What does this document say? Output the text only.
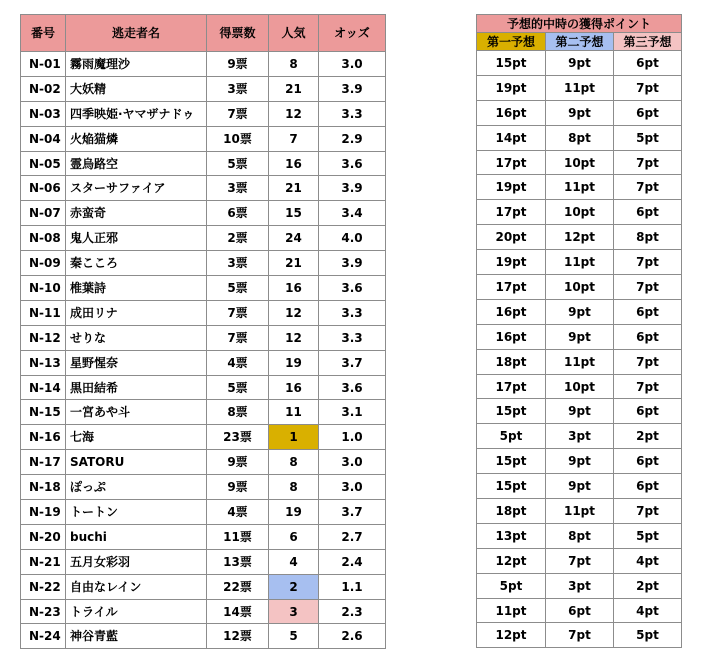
番号	逃走者名	得票数	人気	オッズ
N-01	霧雨魔理沙	9票	8	3.0
N-02	大妖精	3票	21	3.9
N-03	四季映姫·ヤマザナドゥ	7票	12	3.3
N-04	火焔猫燐	10票	7	2.9
N-05	霊烏路空	5票	16	3.6
N-06	スターサファイア	3票	21	3.9
N-07	赤蛮奇	6票	15	3.4
N-08	鬼人正邪	2票	24	4.0
N-09	秦こころ	3票	21	3.9
N-10	椎葉詩	5票	16	3.6
N-11	成田リナ	7票	12	3.3
N-12	せりな	7票	12	3.3
N-13	星野惺奈	4票	19	3.7
N-14	黒田結希	5票	16	3.6
N-15	一宮あや斗	8票	11	3.1
N-16	七海	23票	1	1.0
N-17	SATORU	9票	8	3.0
N-18	ぽっぷ	9票	8	3.0
N-19	トートン	4票	19	3.7
N-20	buchi	11票	6	2.7
N-21	五月女彩羽	13票	4	2.4
N-22	自由なレイン	22票	2	1.1
N-23	トライル	14票	3	2.3
N-24	神谷青藍	12票	5	2.6
予想的中時の獲得ポイント		
第一予想	第二予想	第三予想
15pt	9pt	6pt
19pt	11pt	7pt
16pt	9pt	6pt
14pt	8pt	5pt
17pt	10pt	7pt
19pt	11pt	7pt
17pt	10pt	6pt
20pt	12pt	8pt
19pt	11pt	7pt
17pt	10pt	7pt
16pt	9pt	6pt
16pt	9pt	6pt
18pt	11pt	7pt
17pt	10pt	7pt
15pt	9pt	6pt
5pt	3pt	2pt
15pt	9pt	6pt
15pt	9pt	6pt
18pt	11pt	7pt
13pt	8pt	5pt
12pt	7pt	4pt
5pt	3pt	2pt
11pt	6pt	4pt
12pt	7pt	5pt
